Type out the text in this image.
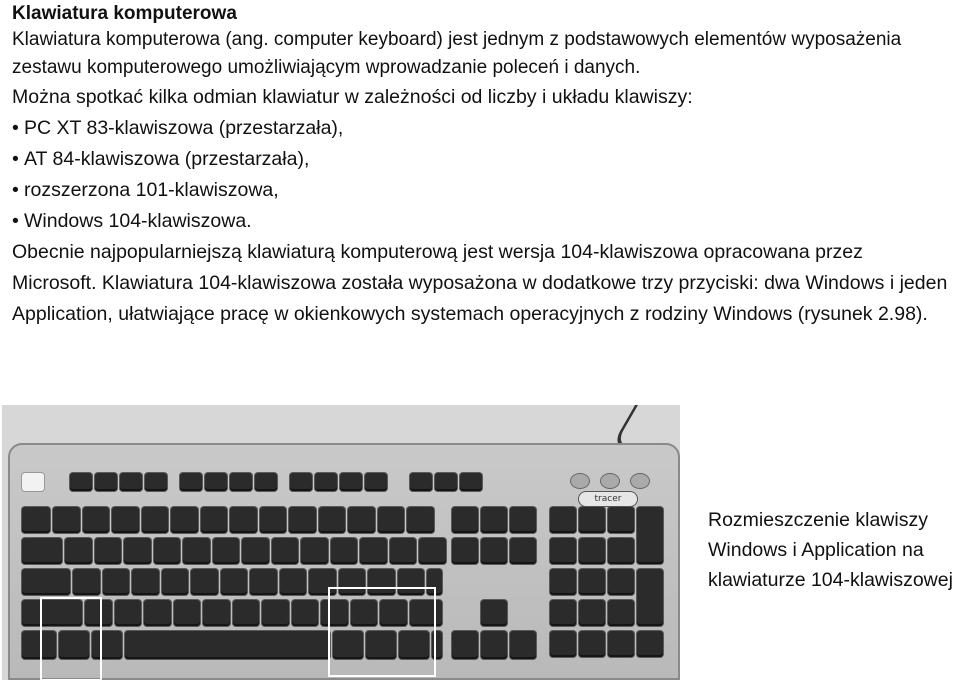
Klawiatura komputerowa

Klawiatura komputerowa (ang. computer keyboard) jest jednym z podstawowych elementów wyposażenia zestawu komputerowego umożliwiającym wprowadzanie poleceń i danych.

Można spotkać kilka odmian klawiatur w zależności od liczby i układu klawiszy:

• PC XT 83-klawiszowa (przestarzała),

• AT 84-klawiszowa (przestarzała),

• rozszerzona 101-klawiszowa,

• Windows 104-klawiszowa.

Obecnie najpopularniejszą klawiaturą komputerową jest wersja 104-klawiszowa opracowana przez Microsoft. Klawiatura 104-klawiszowa została wyposażona w dodatkowe trzy przyciski: dwa Windows i jeden Application, ułatwiające pracę w okienkowych systemach operacyjnych z rodziny Windows (rysunek 2.98).

tracer
Rozmieszczenie klawiszy Windows i Application na klawiaturze 104-klawiszowej
